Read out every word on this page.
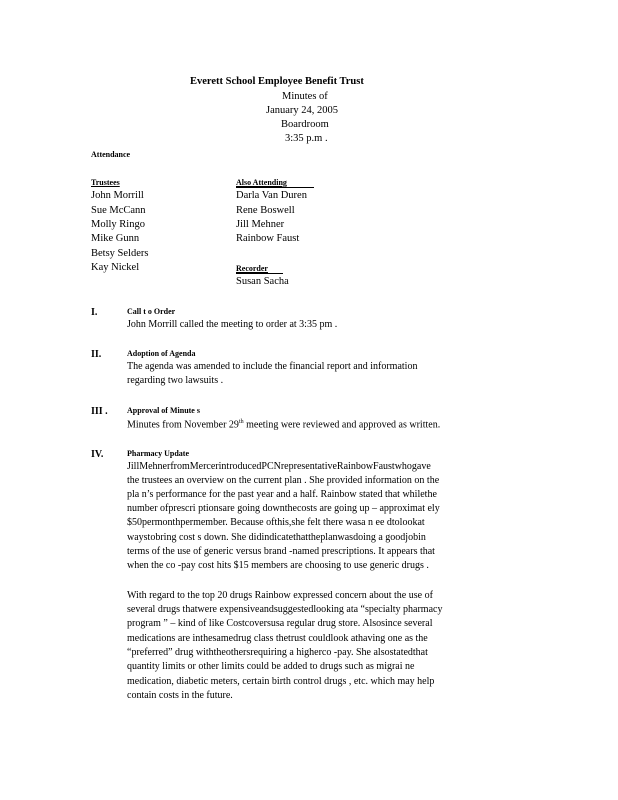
Everett School Employee Benefit Trust
Minutes of
January 24, 2005
Boardroom
3:35 p.m .
Attendance
Trustees
John Morrill
Sue McCann
Molly Ringo
Mike Gunn
Betsy Selders
Kay Nickel
Also Attending
Darla Van Duren
Rene Boswell
Jill Mehner
Rainbow Faust
Recorder
Susan Sacha
I.	Call t o Order
John Morrill called the meeting to order at 3:35 pm .
II.	Adoption of Agenda
The agenda was amended to include the financial report and information
regarding two lawsuits .
III . Approval of Minute s
Minutes from November 29th meeting were reviewed and approved as written.
IV.	Pharmacy Update
JillMehnerfromMercerintroducedPCNrepresentativeRainbowFaustwhogave
the trustees an overview on the current plan . She provided information on the
pla n’s performance for the past year and a half. Rainbow stated that whilethe
number ofprescri ptionsare going downthecosts are going up – approximat ely
$50permonthpermember. Because ofthis,she felt there wasa n ee dtolookat
waystobring cost s down. She didindicatethattheplanwasdoing a goodjobin
terms of the use of generic versus brand -named prescriptions. It appears that
when the co -pay cost hits $15 members are choosing to use generic drugs .
With regard to the top 20 drugs Rainbow expressed concern about the use of
several drugs thatwere expensiveandsuggestedlooking ata “specialty pharmacy
program ” – kind of like Costcoversusa regular drug store. Alsosince several
medications are inthesamedrug class thetrust couldlook athaving one as the
“preferred” drug withtheothersrequiring a higherco -pay. She alsostatedthat
quantity limits or other limits could be added to drugs such as migrai ne
medication, diabetic meters, certain birth control drugs , etc. which may help
contain costs in the future.
